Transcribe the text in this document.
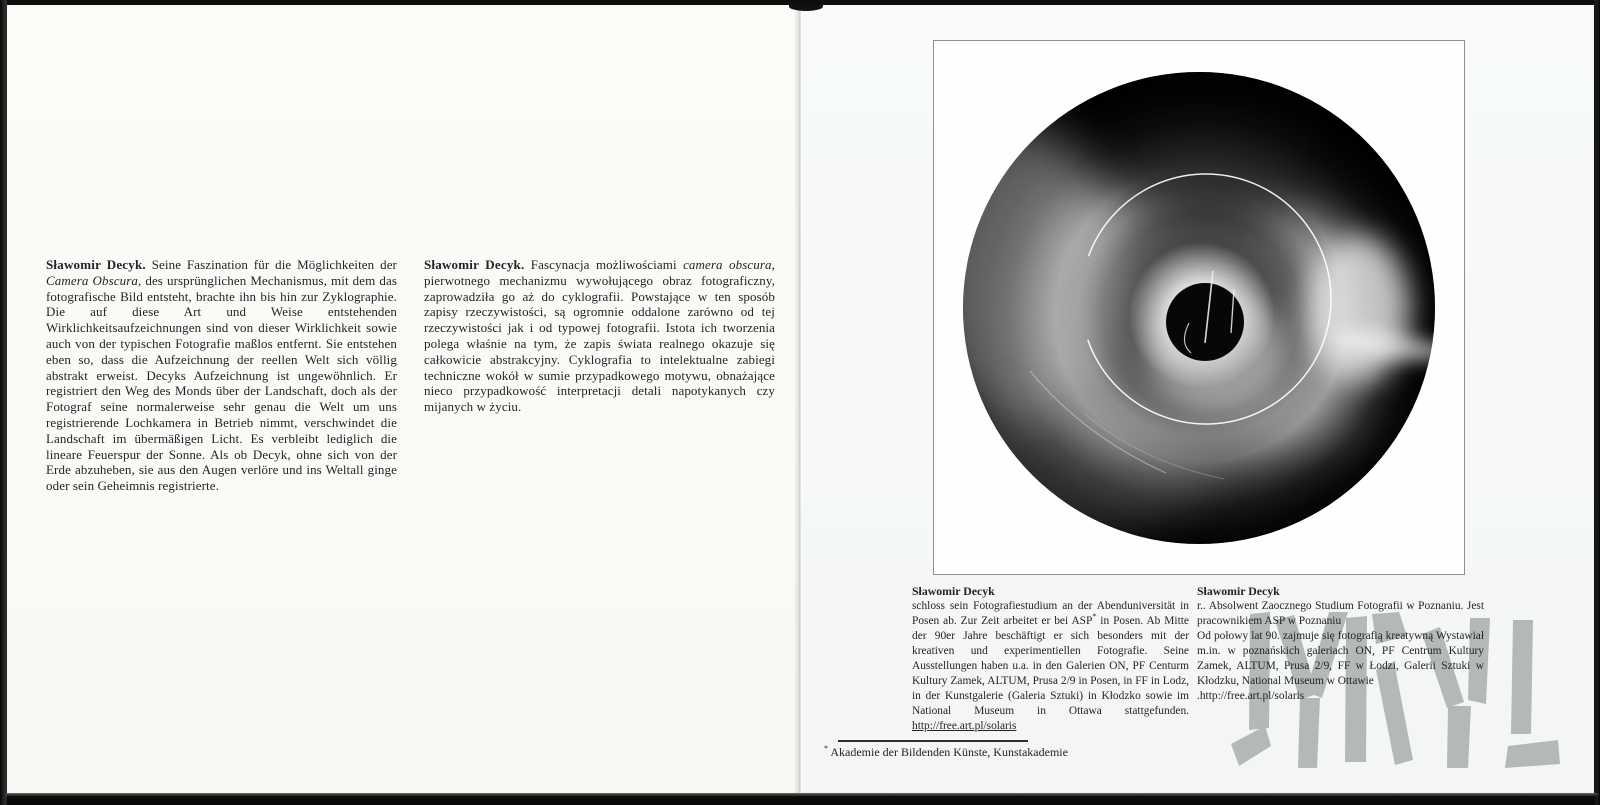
Sławomir Decyk. Seine Faszination für die Möglichkeiten der Camera Obscura, des ursprünglichen Mechanismus, mit dem das fotografische Bild entsteht, brachte ihn bis hin zur Zyklographie. Die auf diese Art und Weise entstehenden Wirklichkeitsaufzeichnungen sind von dieser Wirklichkeit sowie auch von der typischen Fotografie maßlos entfernt. Sie entstehen eben so, dass die Aufzeichnung der reellen Welt sich völlig abstrakt erweist. Decyks Aufzeichnung ist ungewöhnlich. Er registriert den Weg des Monds über der Landschaft, doch als der Fotograf seine normalerweise sehr genau die Welt um uns registrierende Lochkamera in Betrieb nimmt, verschwindet die Landschaft im übermäßigen Licht. Es verbleibt lediglich die lineare Feuerspur der Sonne. Als ob Decyk, ohne sich von der Erde abzuheben, sie aus den Augen verlöre und ins Weltall ginge oder sein Geheimnis registrierte.
Sławomir Decyk. Fascynacja możliwościami camera obscura, pierwotnego mechanizmu wywołującego obraz fotograficzny, zaprowadziła go aż do cyklografii. Powstające w ten sposób zapisy rzeczywistości, są ogromnie oddalone zarówno od tej rzeczywistości jak i od typowej fotografii. Istota ich tworzenia polega właśnie na tym, że zapis świata realnego okazuje się całkowicie abstrakcyjny. Cyklografia to intelektualne zabiegi techniczne wokół w sumie przypadkowego motywu, obnażające nieco przypadkowość interpretacji detali napotykanych czy mijanych w życiu.
Sławomir Decyk

schloss sein Fotografiestudium an der Abenduniversität in Posen ab. Zur Zeit arbeitet er bei ASP* in Posen. Ab Mitte der 90er Jahre beschäftigt er sich besonders mit der kreativen und experimentiellen Fotografie. Seine Ausstellungen haben u.a. in den Galerien ON, PF Centurm Kultury Zamek, ALTUM, Prusa 2/9 in Posen, in FF in Lodz, in der Kunstgalerie (Galeria Sztuki) in Kłodzko sowie im National Museum in Ottawa stattgefunden. http://free.art.pl/solaris

Sławomir Decyk

r.. Absolwent Zaocznego Studium Fotografii w Poznaniu. Jest pracownikiem ASP w Poznaniu

Od połowy lat 90. zajmuje się fotografią kreatywną Wystawiał m.in. w poznańskich galeriach ON, PF Centrum Kultury Zamek, ALTUM, Prusa 2/9, FF w Łodzi, Galerii Sztuki w Kłodzku, National Museum w Ottawie

.http://free.art.pl/solaris

* Akademie der Bildenden Künste, Kunstakademie
